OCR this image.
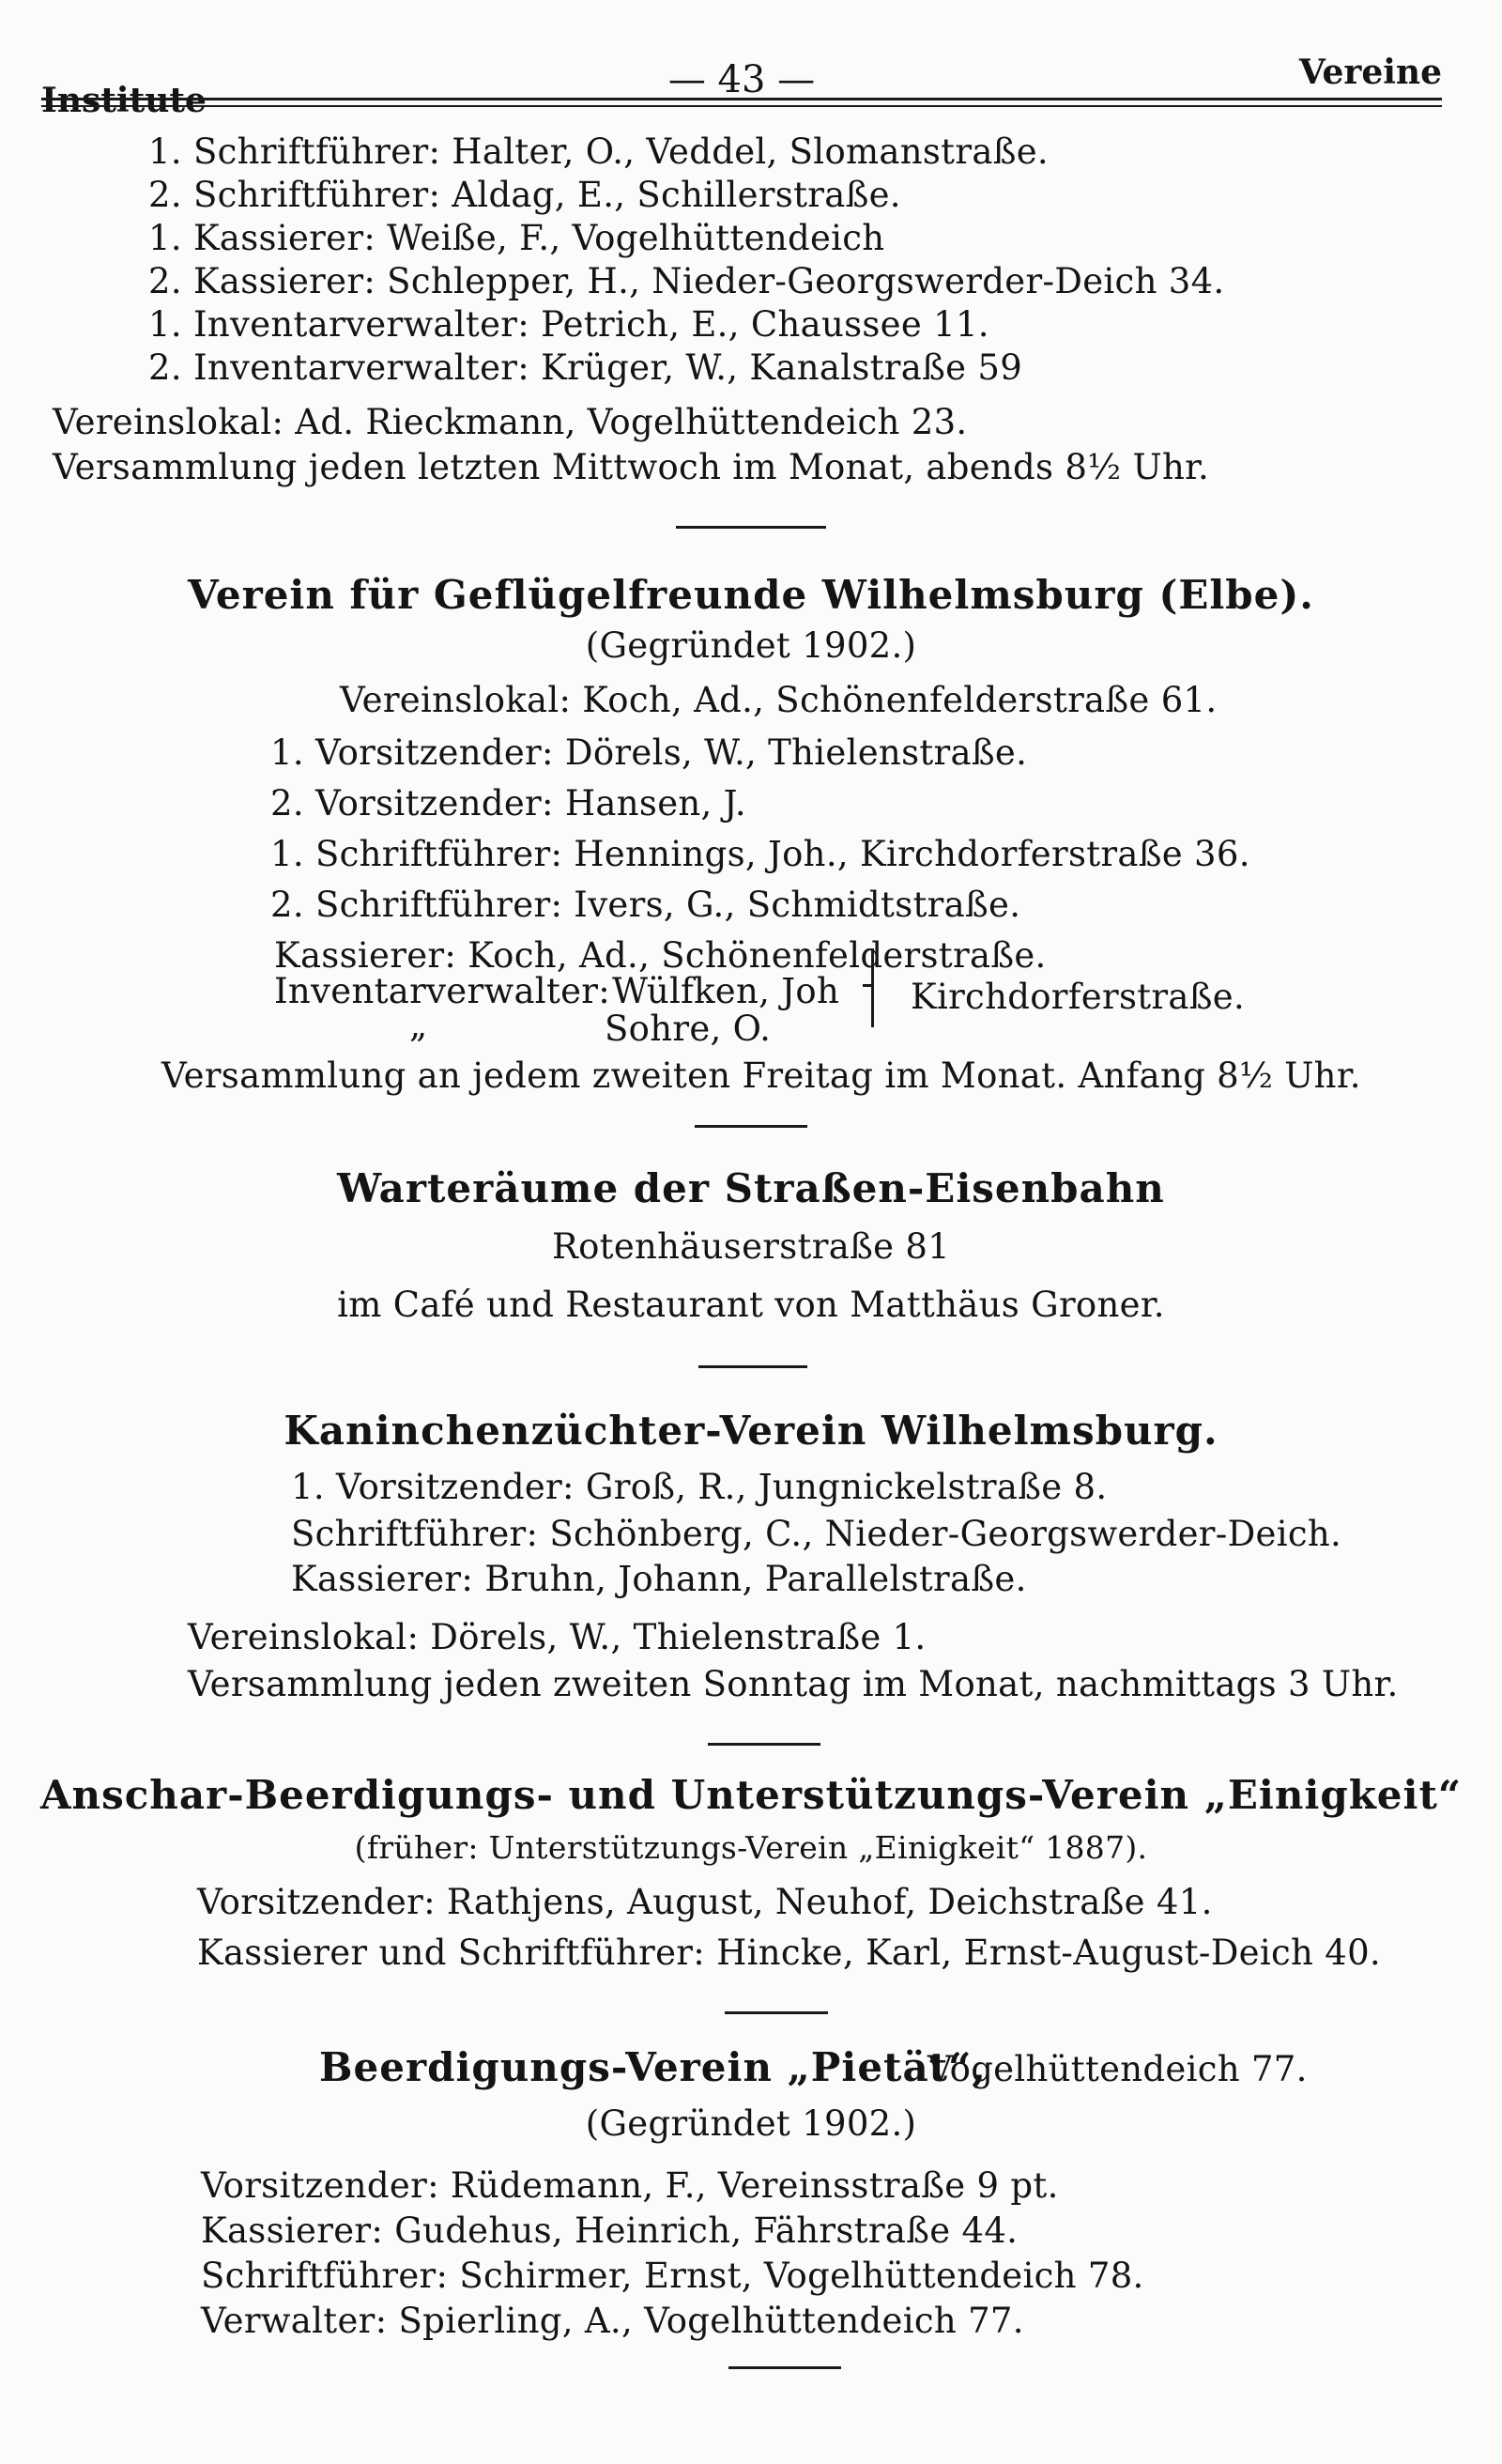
Institute	— 43 —	Vereine
1. Schriftführer: Halter, O., Veddel, Slomanstraße.
2. Schriftführer: Aldag, E., Schillerstraße.
1. Kassierer: Weiße, F., Vogelhüttendeich
2. Kassierer: Schlepper, H., Nieder-Georgswerder-Deich 34.
1. Inventarverwalter: Petrich, E., Chaussee 11.
2. Inventarverwalter: Krüger, W., Kanalstraße 59
Vereinslokal: Ad. Rieckmann, Vogelhüttendeich 23.
Versammlung jeden letzten Mittwoch im Monat, abends 8½ Uhr.
Verein für Geflügelfreunde Wilhelmsburg (Elbe).
(Gegründet 1902.)
Vereinslokal: Koch, Ad., Schönenfelderstraße 61.
1. Vorsitzender: Dörels, W., Thielenstraße.
2. Vorsitzender: Hansen, J.
1. Schriftführer: Hennings, Joh., Kirchdorferstraße 36.
2. Schriftführer: Ivers, G., Schmidtstraße.
Kassierer: Koch, Ad., Schönenfelderstraße.
Inventarverwalter: Wülfken, Joh
„	Sohre, O.
Kirchdorferstraße.
Versammlung an jedem zweiten Freitag im Monat. Anfang 8½ Uhr.
Warteräume der Straßen-Eisenbahn
Rotenhäuserstraße 81
im Café und Restaurant von Matthäus Groner.
Kaninchenzüchter-Verein Wilhelmsburg.
1. Vorsitzender: Groß, R., Jungnickelstraße 8.
Schriftführer: Schönberg, C., Nieder-Georgswerder-Deich.
Kassierer: Bruhn, Johann, Parallelstraße.
Vereinslokal: Dörels, W., Thielenstraße 1.
Versammlung jeden zweiten Sonntag im Monat, nachmittags 3 Uhr.
Anschar-Beerdigungs- und Unterstützungs-Verein „Einigkeit“
(früher: Unterstützungs-Verein „Einigkeit“ 1887).
Vorsitzender: Rathjens, August, Neuhof, Deichstraße 41.
Kassierer und Schriftführer: Hincke, Karl, Ernst-August-Deich 40.
Beerdigungs-Verein „Pietät“,
Vogelhüttendeich 77.
(Gegründet 1902.)
Vorsitzender: Rüdemann, F., Vereinsstraße 9 pt.
Kassierer: Gudehus, Heinrich, Fährstraße 44.
Schriftführer: Schirmer, Ernst, Vogelhüttendeich 78.
Verwalter: Spierling, A., Vogelhüttendeich 77.
